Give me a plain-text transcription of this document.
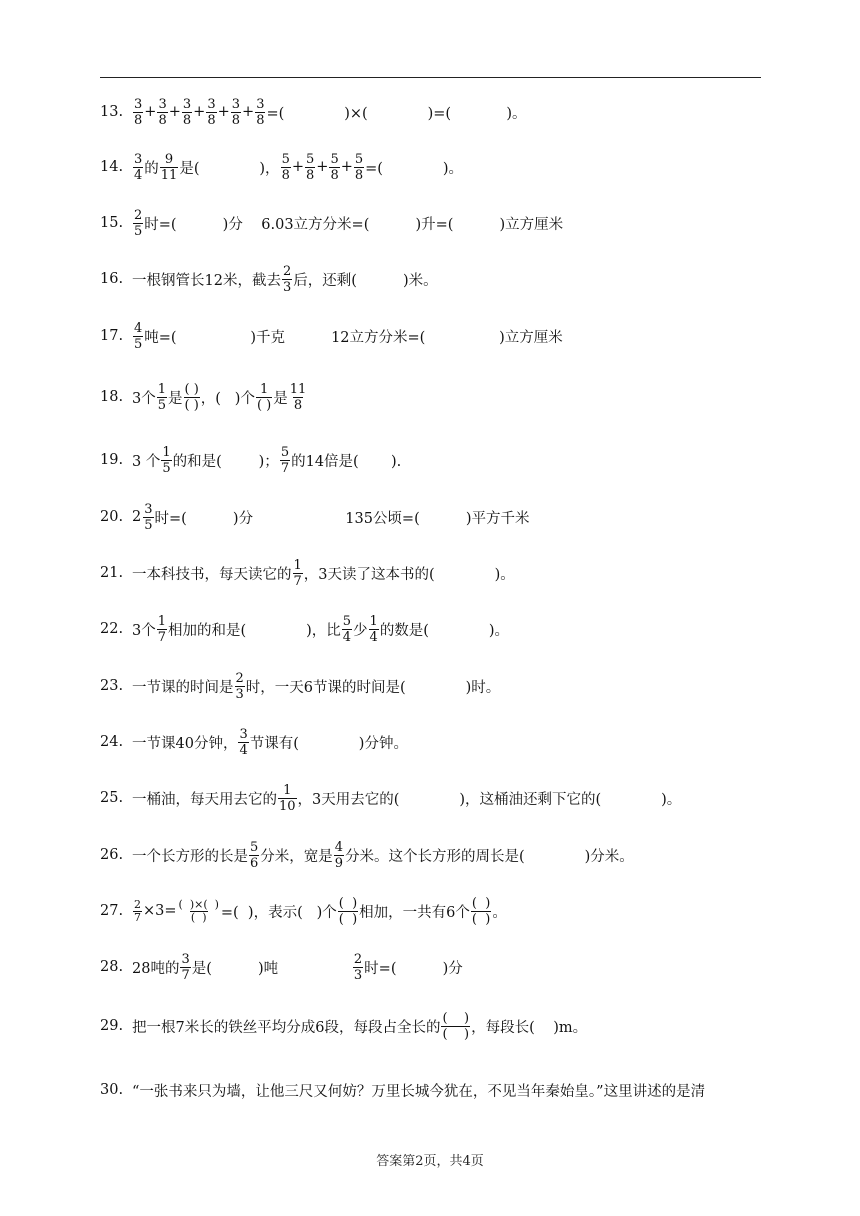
13. $\frac{3}{8} + \frac{3}{8} + \frac{3}{8} + \frac{3}{8} + \frac{3}{8} + \frac{3}{8}$ =(             )×(             )=(            )。
14. $\frac{3}{4}$ 的 $\frac{9}{11}$ 是(             )， $\frac{5}{8} + \frac{5}{8} + \frac{5}{8} + \frac{5}{8}$ =(             )。
15. $\frac{2}{5}$ 时=(          )分    6.03立方分米=(          )升=(          )立方厘米
16. 一根钢管长12米，截去 $\frac{2}{3}$ 后，还剩(          )米。
17. $\frac{4}{5}$ 吨=(                )千克          12立方分米=(                )立方厘米
18. 3个 $\frac{1}{5}$ 是 $\frac{( )}{( )}$ ，(   )个 $\frac{1}{( )}$ 是 $\frac{11}{8}$
19. 3 个 $\frac{1}{5}$ 的和是(        )； $\frac{5}{7}$ 的14倍是(       ).
20. $2 \frac{3}{5}$ 时=(          )分                    135公顷=(          )平方千米
21. 一本科技书，每天读它的 $\frac{1}{7}$ ，3天读了这本书的(             )。
22. 3个 $\frac{1}{7}$ 相加的和是(             )，比 $\frac{5}{4}$ 少 $\frac{1}{4}$ 的数是(             )。
23. 一节课的时间是 $\frac{2}{3}$ 时，一天6节课的时间是(             )时。
24. 一节课40分钟， $\frac{3}{4}$ 节课有(             )分钟。
25. 一桶油，每天用去它的 $\frac{1}{10}$ ，3天用去它的(             )，这桶油还剩下它的(             )。
26. 一个长方形的长是 $\frac{5}{6}$ 分米，宽是 $\frac{4}{9}$ 分米。这个长方形的周长是(             )分米。
27. $\frac{2}{7} \times 3= \frac{( )\times( )}{( )}$ =(  )，表示(   )个 $\frac{( )}{( )}$ 相加，一共有6个 $\frac{( )}{( )}$ 。
28. 28吨的 $\frac{3}{7}$ 是(          )吨 $\frac{2}{3}$ 时=(          )分
29. 把一根7米长的铁丝平均分成6段，每段占全长的 $\frac{( )}{( )}$ ，每段长(    )m。
30. “一张书来只为墙，让他三尺又何妨？万里长城今犹在，不见当年秦始皇。”这里讲述的是清
答案第2页，共4页
